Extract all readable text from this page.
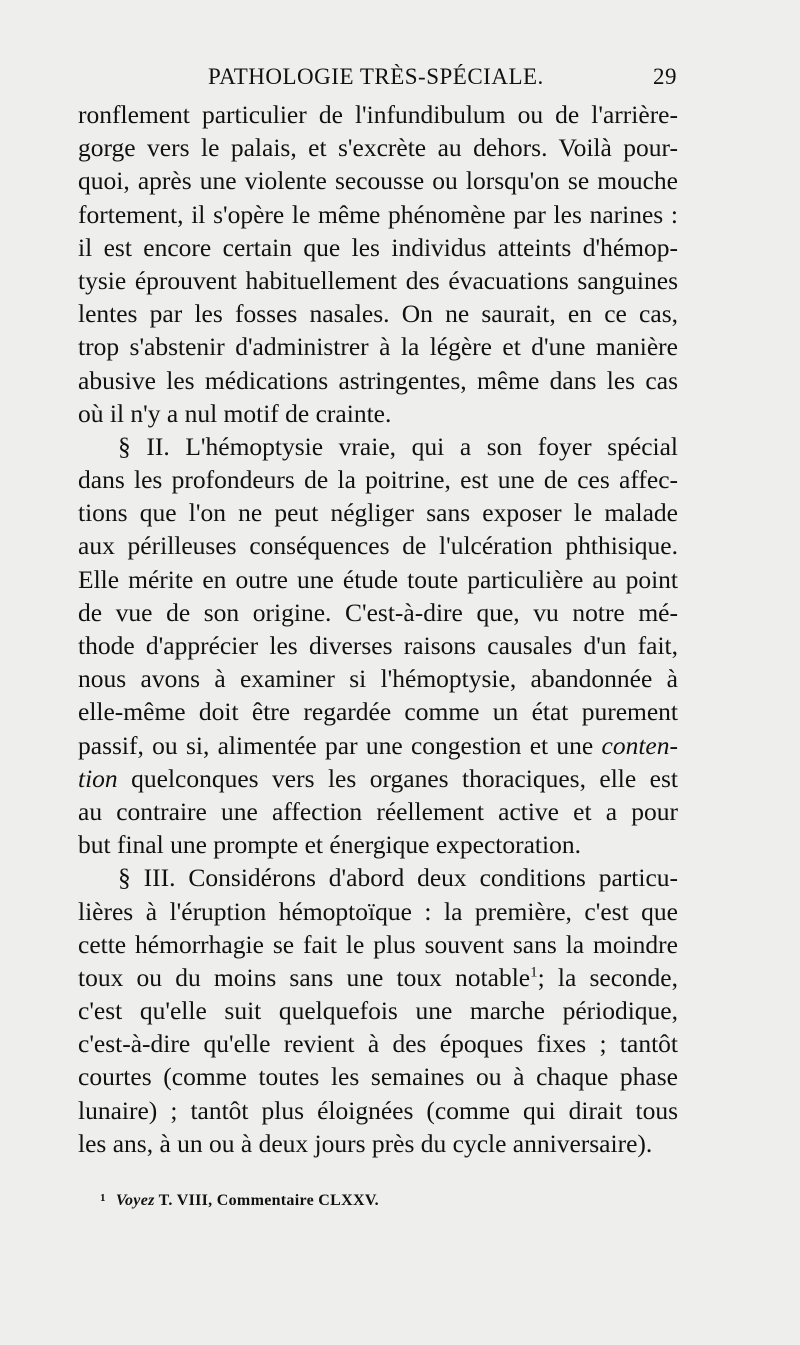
PATHOLOGIE TRÈS-SPÉCIALE.	29
ronflement particulier de l'infundibulum ou de l'arrière-
gorge vers le palais, et s'excrète au dehors. Voilà pour-
quoi, après une violente secousse ou lorsqu'on se mouche
fortement, il s'opère le même phénomène par les narines :
il est encore certain que les individus atteints d'hémop-
tysie éprouvent habituellement des évacuations sanguines
lentes par les fosses nasales. On ne saurait, en ce cas,
trop s'abstenir d'administrer à la légère et d'une manière
abusive les médications astringentes, même dans les cas
où il n'y a nul motif de crainte.
§ II. L'hémoptysie vraie, qui a son foyer spécial
dans les profondeurs de la poitrine, est une de ces affec-
tions que l'on ne peut négliger sans exposer le malade
aux périlleuses conséquences de l'ulcération phthisique.
Elle mérite en outre une étude toute particulière au point
de vue de son origine. C'est-à-dire que, vu notre mé-
thode d'apprécier les diverses raisons causales d'un fait,
nous avons à examiner si l'hémoptysie, abandonnée à
elle-même doit être regardée comme un état purement
passif, ou si, alimentée par une congestion et une conten-
tion quelconques vers les organes thoraciques, elle est
au contraire une affection réellement active et a pour
but final une prompte et énergique expectoration.
§ III. Considérons d'abord deux conditions particu-
lières à l'éruption hémoptoïque : la première, c'est que
cette hémorrhagie se fait le plus souvent sans la moindre
toux ou du moins sans une toux notable$^1$; la seconde,
c'est qu'elle suit quelquefois une marche périodique,
c'est-à-dire qu'elle revient à des époques fixes ; tantôt
courtes (comme toutes les semaines ou à chaque phase
lunaire) ; tantôt plus éloignées (comme qui dirait tous
les ans, à un ou à deux jours près du cycle anniversaire).
$^1$ Voyez T. VIII, Commentaire CLXXV.
